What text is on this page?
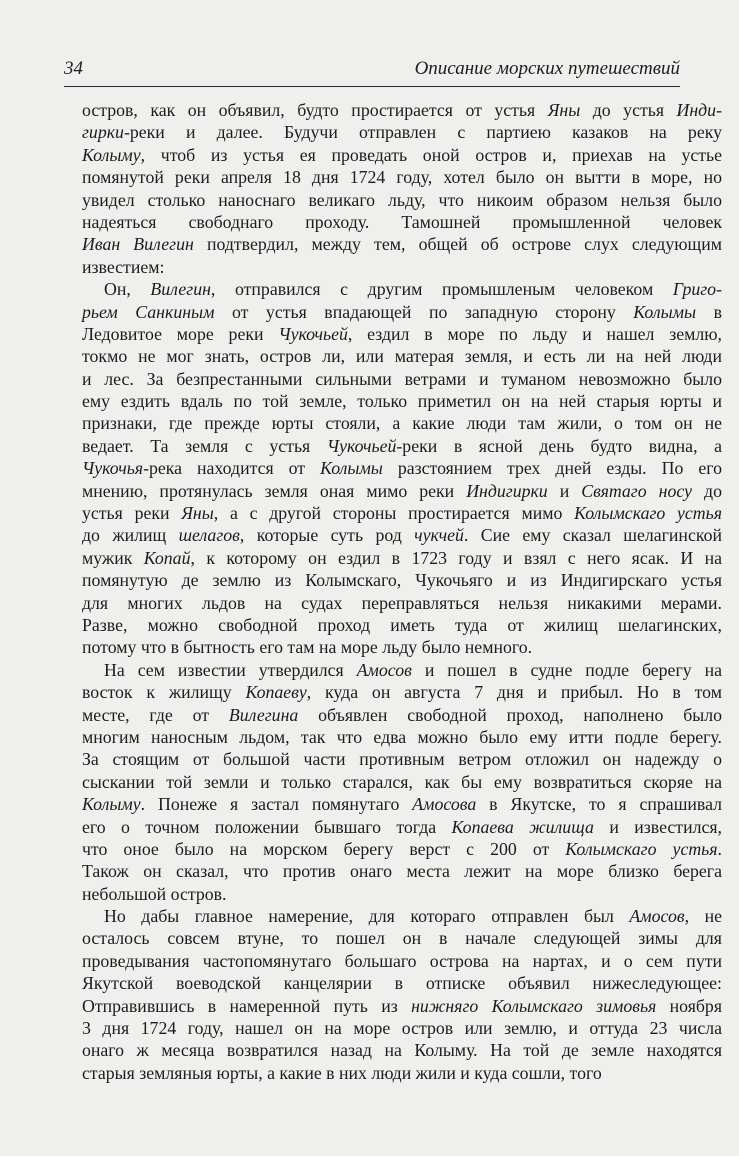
34	Описание морских путешествий
остров, как он объявил, будто простирается от устья Яны до устья Инди-
гирки-реки и далее. Будучи отправлен с партиею казаков на реку
Колыму, чтоб из устья ея проведать оной остров и, приехав на устье
помянутой реки апреля 18 дня 1724 году, хотел было он вытти в море, но
увидел столько наноснаго великаго льду, что никоим образом нельзя было
надеяться свободнаго проходу. Тамошней промышленной человек
Иван Вилегин подтвердил, между тем, общей об острове слух следующим
известием:
Он, Вилегин, отправился с другим промышленым человеком Григо-
рьем Санкиным от устья впадающей по западную сторону Колымы в
Ледовитое море реки Чукочьей, ездил в море по льду и нашел землю,
токмо не мог знать, остров ли, или матерая земля, и есть ли на ней люди
и лес. За безпрестанными сильными ветрами и туманом невозможно было
ему ездить вдаль по той земле, только приметил он на ней старыя юрты и
признаки, где прежде юрты стояли, а какие люди там жили, о том он не
ведает. Та земля с устья Чукочьей-реки в ясной день будто видна, а
Чукочья-река находится от Колымы разстоянием трех дней езды. По его
мнению, протянулась земля оная мимо реки Индигирки и Святаго носу до
устья реки Яны, а с другой стороны простирается мимо Колымскаго устья
до жилищ шелагов, которые суть род чукчей. Сие ему сказал шелагинской
мужик Копай, к которому он ездил в 1723 году и взял с него ясак. И на
помянутую де землю из Колымскаго, Чукочьяго и из Индигирскаго устья
для многих льдов на судах переправляться нельзя никакими мерами.
Разве, можно свободной проход иметь туда от жилищ шелагинских,
потому что в бытность его там на море льду было немного.
На сем известии утвердился Амосов и пошел в судне подле берегу на
восток к жилищу Копаеву, куда он августа 7 дня и прибыл. Но в том
месте, где от Вилегина объявлен свободной проход, наполнено было
многим наносным льдом, так что едва можно было ему итти подле берегу.
За стоящим от большой части противным ветром отложил он надежду о
сыскании той земли и только старался, как бы ему возвратиться скоряе на
Колыму. Понеже я застал помянутаго Амосова в Якутске, то я спрашивал
его о точном положении бывшаго тогда Копаева жилища и известился,
что оное было на морском берегу верст с 200 от Колымскаго устья.
Також он сказал, что против онаго места лежит на море близко берега
небольшой остров.
Но дабы главное намерение, для котораго отправлен был Амосов, не
осталось совсем втуне, то пошел он в начале следующей зимы для
проведывания частопомянутаго большаго острова на нартах, и о сем пути
Якутской воеводской канцелярии в отписке объявил нижеследующее:
Отправившись в намеренной путь из нижняго Колымскаго зимовья ноября
3 дня 1724 году, нашел он на море остров или землю, и оттуда 23 числа
онаго ж месяца возвратился назад на Колыму. На той де земле находятся
старыя земляныя юрты, а какие в них люди жили и куда сошли, того
